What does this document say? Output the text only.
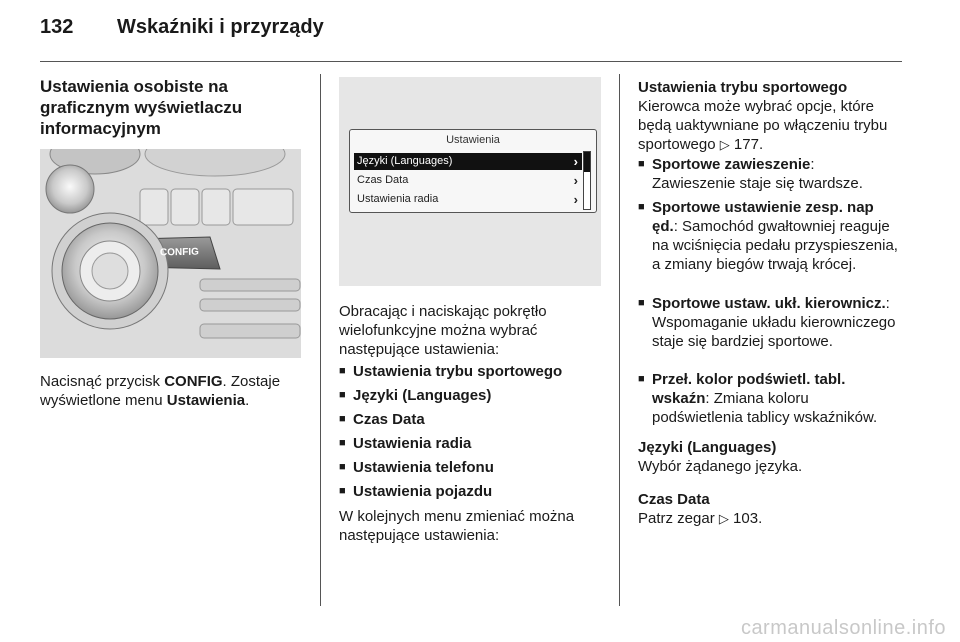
132 Wskaźniki i przyrządy
Ustawienia osobiste na graficznym wyświetlaczu informacyjnym
CONFIG
Nacisnąć przycisk CONFIG. Zostaje wyświetlone menu Ustawienia.
Ustawienia
Języki (Languages)	›
Czas Data	›
Ustawienia radia	›
Obracając i naciskając pokrętło wielofunkcyjne można wybrać następujące ustawienia:
■ Ustawienia trybu sportowego
■ Języki (Languages)
■ Czas Data
■ Ustawienia radia
■ Ustawienia telefonu
■ Ustawienia pojazdu
W kolejnych menu zmieniać można następujące ustawienia:
Ustawienia trybu sportowego
Kierowca może wybrać opcje, które będą uaktywniane po włączeniu trybu sportowego ▷ 177.
■ Sportowe zawieszenie:
Zawieszenie staje się twardsze.
■ Sportowe ustawienie zesp. nap ęd.: Samochód gwałtowniej reaguje na wciśnięcia pedału przyspieszenia, a zmiany biegów trwają krócej.
■ Sportowe ustaw. ukł. kierownicz.:
Wspomaganie układu kierowniczego staje się bardziej sportowe.
■ Przeł. kolor podświetl. tabl. wskaźn: Zmiana koloru podświetlenia tablicy wskaźników.
Języki (Languages)
Wybór żądanego języka.
Czas Data
Patrz zegar ▷ 103.
carmanualsonline.info
